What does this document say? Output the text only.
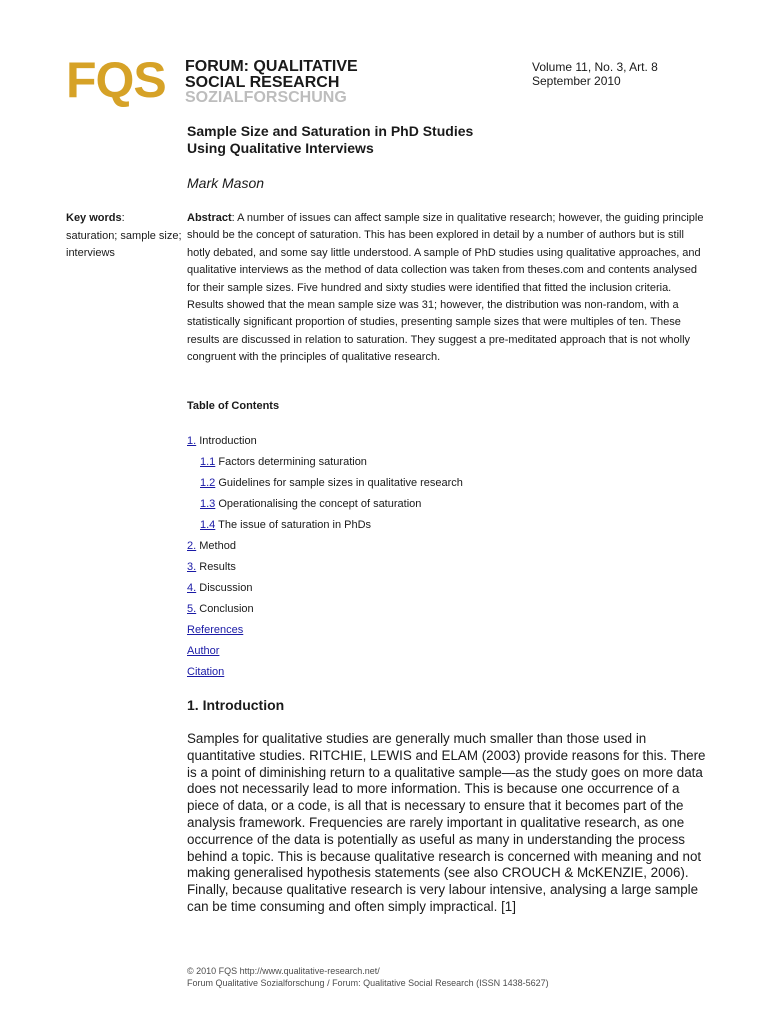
FQS FORUM: QUALITATIVE
SOCIAL RESEARCH
SOZIALFORSCHUNG
Volume 11, No. 3, Art. 8
September 2010
Sample Size and Saturation in PhD Studies
Using Qualitative Interviews
Mark Mason
Key words:
saturation; sample size; interviews
Abstract: A number of issues can affect sample size in qualitative research; however, the guiding principle should be the concept of saturation. This has been explored in detail by a number of authors but is still hotly debated, and some say little understood. A sample of PhD studies using qualitative approaches, and qualitative interviews as the method of data collection was taken from theses.com and contents analysed for their sample sizes. Five hundred and sixty studies were identified that fitted the inclusion criteria. Results showed that the mean sample size was 31; however, the distribution was non-random, with a statistically significant proportion of studies, presenting sample sizes that were multiples of ten. These results are discussed in relation to saturation. They suggest a pre-meditated approach that is not wholly congruent with the principles of qualitative research.
Table of Contents
1. Introduction
1.1 Factors determining saturation
1.2 Guidelines for sample sizes in qualitative research
1.3 Operationalising the concept of saturation
1.4 The issue of saturation in PhDs
2. Method
3. Results
4. Discussion
5. Conclusion
References
Author
Citation
1. Introduction
Samples for qualitative studies are generally much smaller than those used in quantitative studies. RITCHIE, LEWIS and ELAM (2003) provide reasons for this. There is a point of diminishing return to a qualitative sample—as the study goes on more data does not necessarily lead to more information. This is because one occurrence of a piece of data, or a code, is all that is necessary to ensure that it becomes part of the analysis framework. Frequencies are rarely important in qualitative research, as one occurrence of the data is potentially as useful as many in understanding the process behind a topic. This is because qualitative research is concerned with meaning and not making generalised hypothesis statements (see also CROUCH & McKENZIE, 2006). Finally, because qualitative research is very labour intensive, analysing a large sample can be time consuming and often simply impractical. [1]
© 2010 FQS http://www.qualitative-research.net/
Forum Qualitative Sozialforschung / Forum: Qualitative Social Research (ISSN 1438-5627)
